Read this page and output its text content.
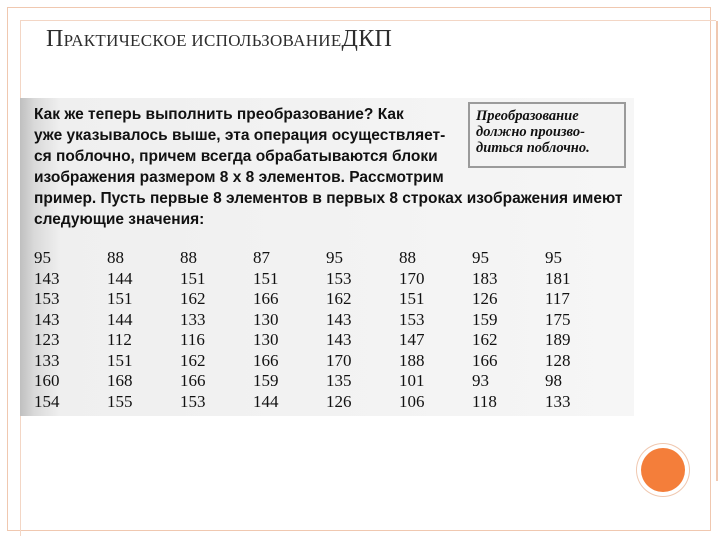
ПРАКТИЧЕСКОЕ ИСПОЛЬЗОВАНИЕДКП
Как же теперь выполнить преобразование? Как
уже указывалось выше, эта операция осуществляет-
ся поблочно, причем всегда обрабатываются блоки
изображения размером 8 x 8 элементов. Рассмотрим
пример. Пусть первые 8 элементов в первых 8 строках изображения имеют
следующие значения:
Преобразование
должно произво-
диться поблочно.
95	88	88	87	95	88	95	95
143	144	151	151	153	170	183	181
153	151	162	166	162	151	126	117
143	144	133	130	143	153	159	175
123	112	116	130	143	147	162	189
133	151	162	166	170	188	166	128
160	168	166	159	135	101	93	98
154	155	153	144	126	106	118	133
